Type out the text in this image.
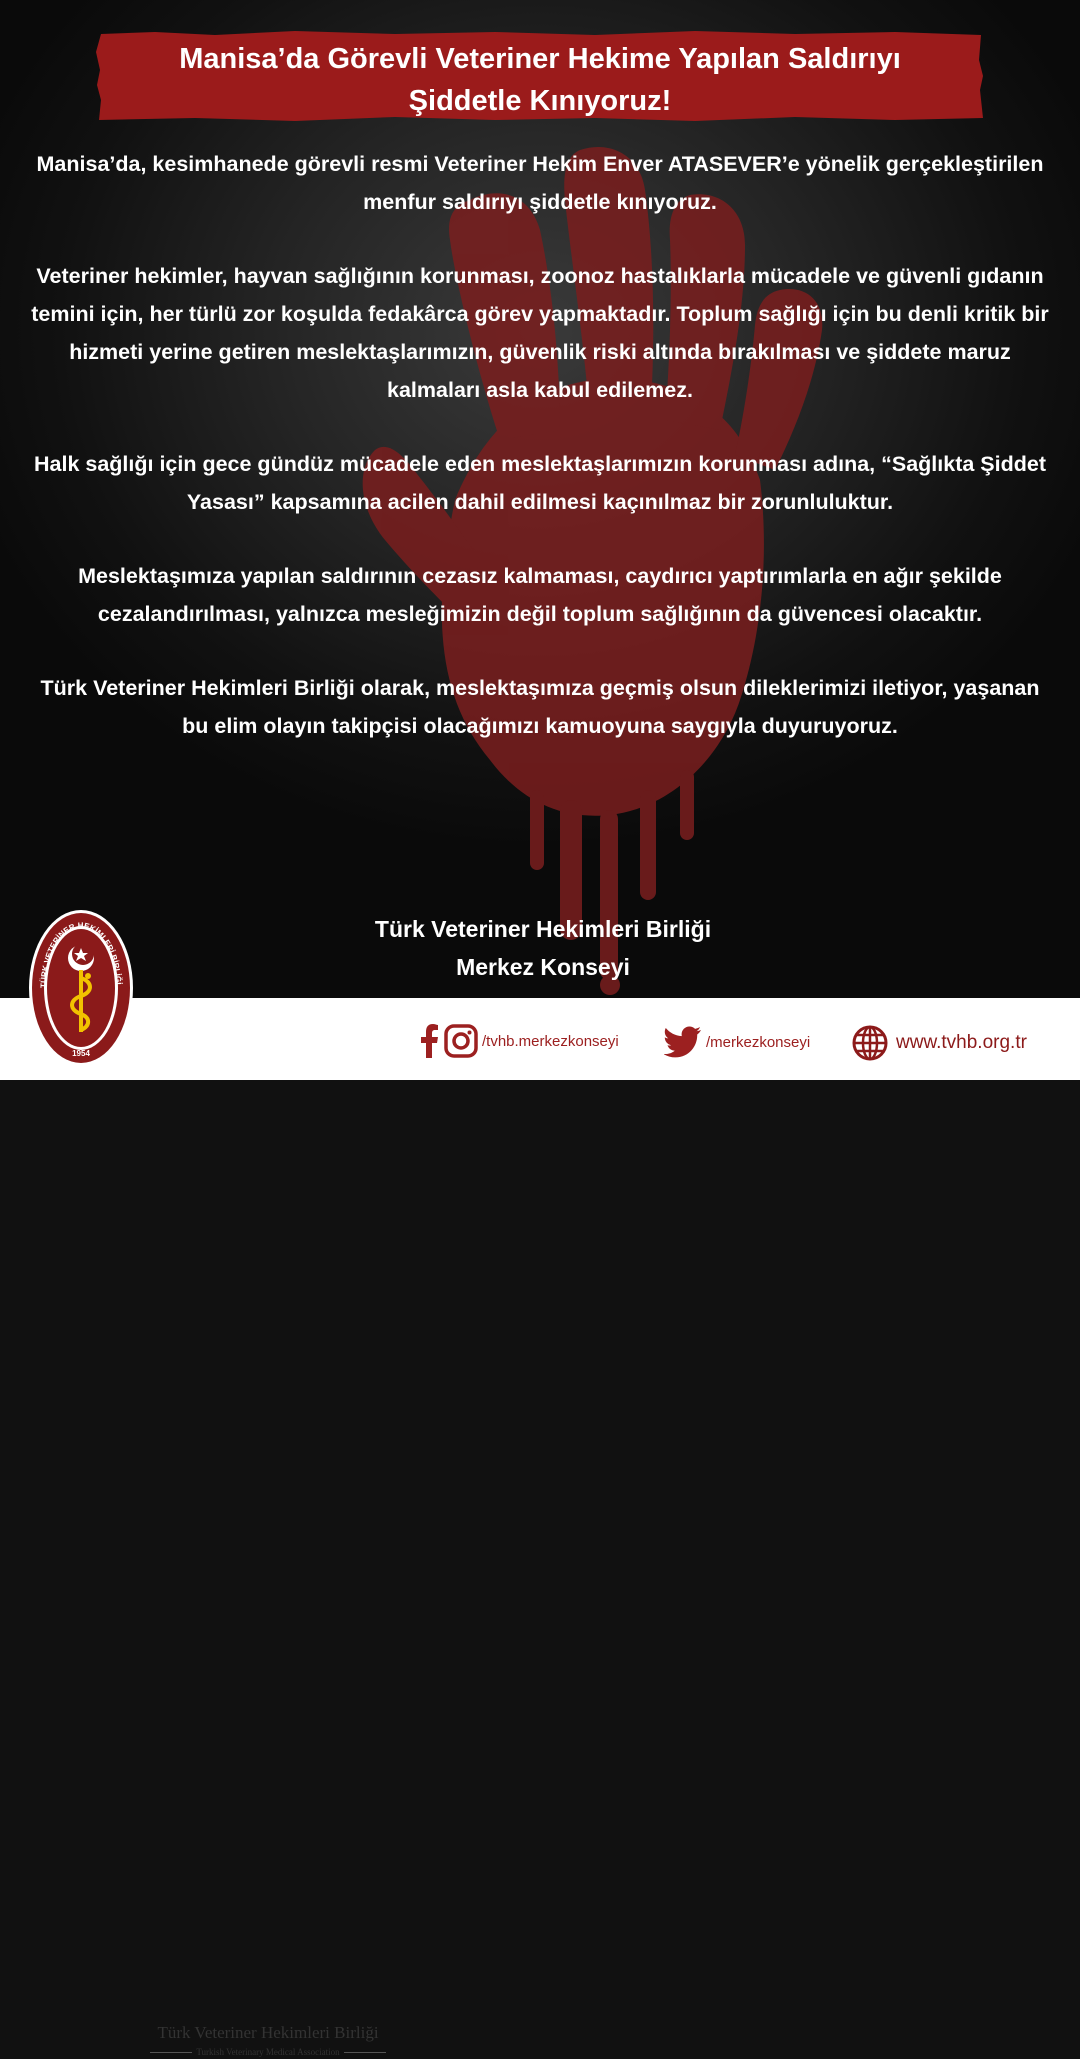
Manisa’da Görevli Veteriner Hekime Yapılan Saldırıyı
Şiddetle Kınıyoruz!

Manisa’da, kesimhanede görevli resmi Veteriner Hekim Enver ATASEVER’e yönelik gerçekleştirilen menfur saldırıyı şiddetle kınıyoruz.

Veteriner hekimler, hayvan sağlığının korunması, zoonoz hastalıklarla mücadele ve güvenli gıdanın temini için, her türlü zor koşulda fedakârca görev yapmaktadır. Toplum sağlığı için bu denli kritik bir hizmeti yerine getiren meslektaşlarımızın, güvenlik riski altında bırakılması ve şiddete maruz kalmaları asla kabul edilemez.

Halk sağlığı için gece gündüz mücadele eden meslektaşlarımızın korunması adına, “Sağlıkta Şiddet Yasası” kapsamına acilen dahil edilmesi kaçınılmaz bir zorunluluktur.

Meslektaşımıza yapılan saldırının cezasız kalmaması, caydırıcı yaptırımlarla en ağır şekilde cezalandırılması, yalnızca mesleğimizin değil toplum sağlığının da güvencesi olacaktır.

Türk Veteriner Hekimleri Birliği olarak, meslektaşımıza geçmiş olsun dileklerimizi iletiyor, yaşanan bu elim olayın takipçisi olacağımızı kamuoyuna saygıyla duyuruyoruz.

Türk Veteriner Hekimleri Birliği
Merkez Konseyi
Türk Veteriner Hekimleri Birliği
Turkish Veterinary Medical Association
/tvhb.merkezkonseyi	/merkezkonseyi	www.tvhb.org.tr
TÜRK VETERİNER HEKİMLERİ BİRLİĞİ
1954
